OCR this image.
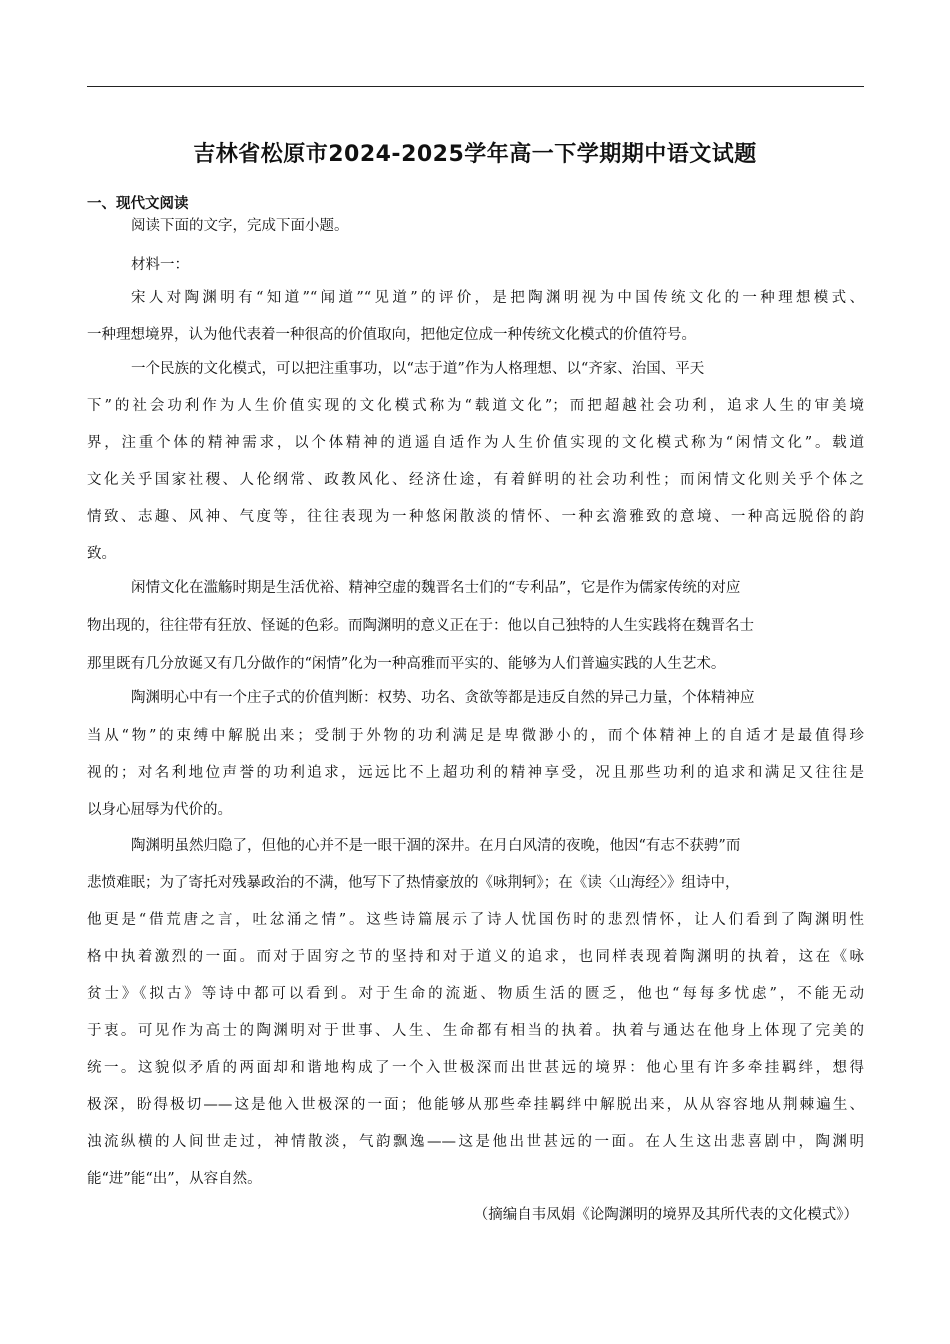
吉林省松原市2024-2025学年高一下学期期中语文试题
一、现代文阅读
阅读下面的文字，完成下面小题。
材料一：
宋人对陶渊明有“知道”“闻道”“见道”的评价，是把陶渊明视为中国传统文化的一种理想模式、
一种理想境界，认为他代表着一种很高的价值取向，把他定位成一种传统文化模式的价值符号。
一个民族的文化模式，可以把注重事功，以“志于道”作为人格理想、以“齐家、治国、平天
下”的社会功利作为人生价值实现的文化模式称为“载道文化”；而把超越社会功利，追求人生的审美境
界，注重个体的精神需求，以个体精神的逍遥自适作为人生价值实现的文化模式称为“闲情文化”。载道
文化关乎国家社稷、人伦纲常、政教风化、经济仕途，有着鲜明的社会功利性；而闲情文化则关乎个体之
情致、志趣、风神、气度等，往往表现为一种悠闲散淡的情怀、一种玄澹雅致的意境、一种高远脱俗的韵
致。
闲情文化在滥觞时期是生活优裕、精神空虚的魏晋名士们的“专利品”，它是作为儒家传统的对应
物出现的，往往带有狂放、怪诞的色彩。而陶渊明的意义正在于：他以自己独特的人生实践将在魏晋名士
那里既有几分放诞又有几分做作的“闲情”化为一种高雅而平实的、能够为人们普遍实践的人生艺术。
陶渊明心中有一个庄子式的价值判断：权势、功名、贪欲等都是违反自然的异己力量，个体精神应
当从“物”的束缚中解脱出来；受制于外物的功利满足是卑微渺小的，而个体精神上的自适才是最值得珍
视的；对名利地位声誉的功利追求，远远比不上超功利的精神享受，况且那些功利的追求和满足又往往是
以身心屈辱为代价的。
陶渊明虽然归隐了，但他的心并不是一眼干涸的深井。在月白风清的夜晚，他因“有志不获骋”而
悲愤难眠；为了寄托对残暴政治的不满，他写下了热情豪放的《咏荆轲》；在《读〈山海经〉》组诗中，
他更是“借荒唐之言，吐忿涌之情”。这些诗篇展示了诗人忧国伤时的悲烈情怀，让人们看到了陶渊明性
格中执着激烈的一面。而对于固穷之节的坚持和对于道义的追求，也同样表现着陶渊明的执着，这在《咏
贫士》《拟古》等诗中都可以看到。对于生命的流逝、物质生活的匮乏，他也“每每多忧虑”，不能无动
于衷。可见作为高士的陶渊明对于世事、人生、生命都有相当的执着。执着与通达在他身上体现了完美的
统一。这貌似矛盾的两面却和谐地构成了一个入世极深而出世甚远的境界：他心里有许多牵挂羁绊，想得
极深，盼得极切——这是他入世极深的一面；他能够从那些牵挂羁绊中解脱出来，从从容容地从荆棘遍生、
浊流纵横的人间世走过，神情散淡，气韵飘逸——这是他出世甚远的一面。在人生这出悲喜剧中，陶渊明
能“进”能“出”，从容自然。
（摘编自韦凤娟《论陶渊明的境界及其所代表的文化模式》）
